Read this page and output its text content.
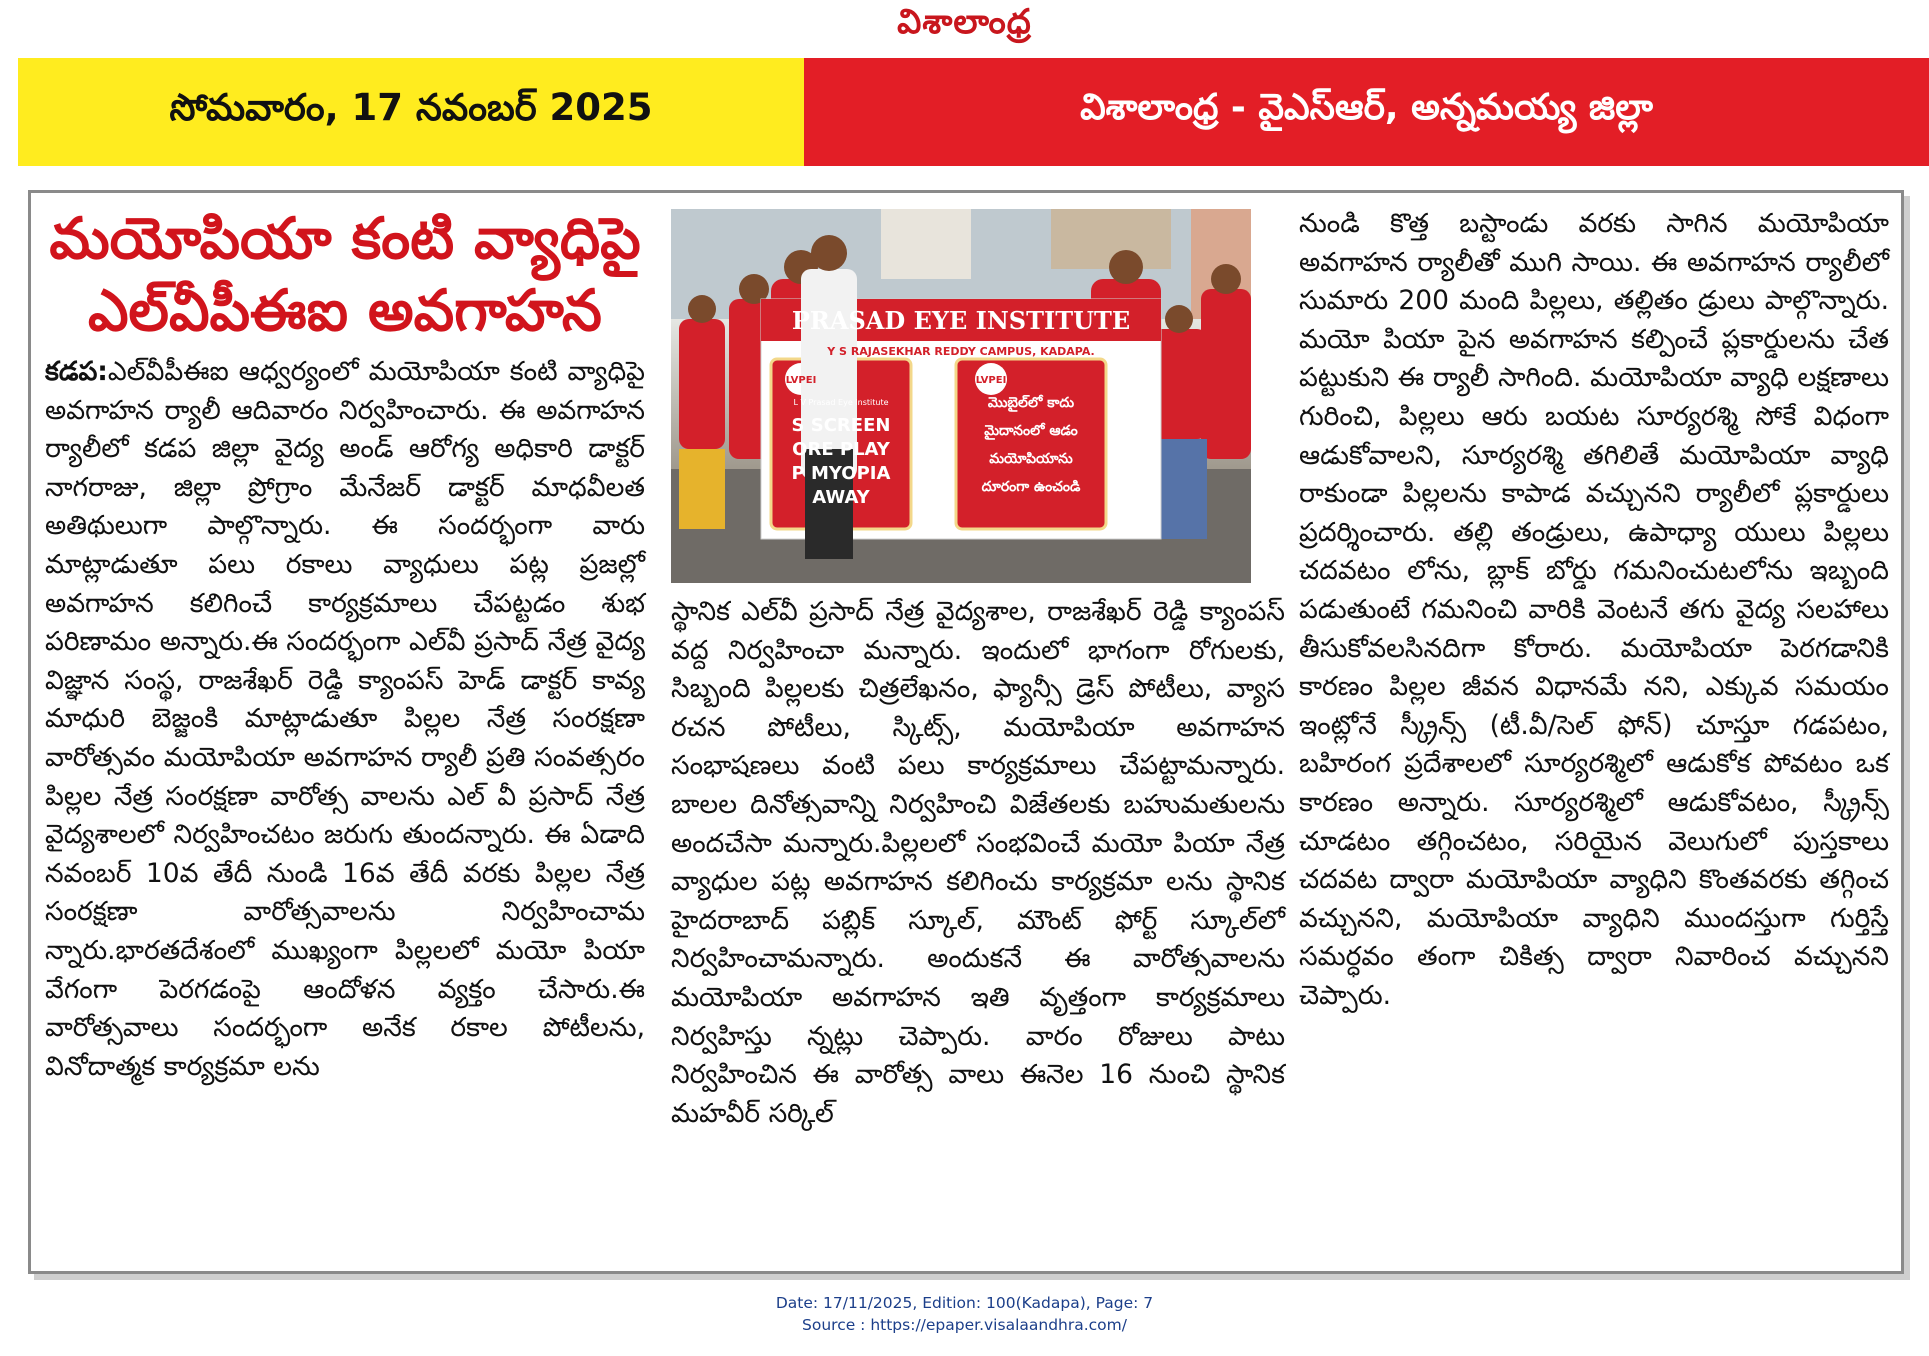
విశాలాంధ్ర
సోమవారం, 17 నవంబర్ 2025	విశాలాంధ్ర - వైఎస్ఆర్, అన్నమయ్య జిల్లా
మయోపియా కంటి వ్యాధిపై
ఎల్‌వీపీఈఐ అవగాహన

కడప:ఎల్‌వీపీఈఐ ఆధ్వర్యంలో మయోపియా కంటి వ్యాధిపై అవగాహన ర్యాలీ ఆదివారం నిర్వహించారు. ఈ అవగాహన ర్యాలీలో కడప జిల్లా వైద్య అండ్ ఆరోగ్య అధికారి డాక్టర్ నాగరాజు, జిల్లా ప్రోగ్రాం మేనేజర్ డాక్టర్ మాధవీలత అతిథులుగా పాల్గొన్నారు. ఈ సందర్భంగా వారు మాట్లాడుతూ పలు రకాలు వ్యాధులు పట్ల ప్రజల్లో అవగాహన కలిగించే కార్యక్రమాలు చేపట్టడం శుభ పరిణామం అన్నారు.ఈ సందర్భంగా ఎల్‌వీ ప్రసాద్ నేత్ర వైద్య విజ్ఞాన సంస్థ, రాజశేఖర్ రెడ్డి క్యాంపస్ హెడ్ డాక్టర్ కావ్య మాధురి బెజ్జంకి మాట్లాడుతూ పిల్లల నేత్ర సంరక్షణా వారోత్సవం మయోపియా అవగాహన ర్యాలీ ప్రతి సంవత్సరం పిల్లల నేత్ర సంరక్షణా వారోత్స వాలను ఎల్ వీ ప్రసాద్ నేత్ర వైద్యశాలలో నిర్వహించటం జరుగు తుందన్నారు. ఈ ఏడాది నవంబర్ 10వ తేదీ నుండి 16వ తేదీ వరకు పిల్లల నేత్ర సంరక్షణా వారోత్సవాలను నిర్వహించామ న్నారు.భారతదేశంలో ముఖ్యంగా పిల్లలలో మయో పియా వేగంగా పెరగడంపై ఆందోళన వ్యక్తం చేసారు.ఈ వారోత్సవాలు సందర్భంగా అనేక రకాల పోటీలను, వినోదాత్మక కార్యక్రమా లను

PRASAD EYE INSTITUTE
Y S RAJASEKHAR REDDY CAMPUS, KADAPA.
LVPEI	LVPEI
L V Prasad Eye Institute
S SCREEN
ORE PLAY
P MYOPIA
AWAY
మొబైల్‌లో కాదు
మైదానంలో ఆడం
మయోపియాను
దూరంగా ఉంచండి

స్థానిక ఎల్‌వీ ప్రసాద్ నేత్ర వైద్యశాల, రాజశేఖర్ రెడ్డి క్యాంపస్ వద్ద నిర్వహించా మన్నారు. ఇందులో భాగంగా రోగులకు, సిబ్బంది పిల్లలకు చిత్రలేఖనం, ఫ్యాన్సీ డ్రెస్ పోటీలు, వ్యాస రచన పోటీలు, స్కిట్స్, మయోపియా అవగాహన సంభాషణలు వంటి పలు కార్యక్రమాలు చేపట్టామన్నారు. బాలల దినోత్సవాన్ని నిర్వహించి విజేతలకు బహుమతులను అందచేసా మన్నారు.పిల్లలలో సంభవించే మయో పియా నేత్ర వ్యాధుల పట్ల అవగాహన కలిగించు కార్యక్రమా లను స్థానిక హైదరాబాద్ పబ్లిక్ స్కూల్, మౌంట్ ఫోర్ట్ స్కూల్‌లో నిర్వహించామన్నారు. అందుకనే ఈ వారోత్సవాలను మయోపియా అవగాహన ఇతి వృత్తంగా కార్యక్రమాలు నిర్వహిస్తు న్నట్లు చెప్పారు. వారం రోజులు పాటు నిర్వహించిన ఈ వారోత్స వాలు ఈనెల 16 నుంచి స్థానిక మహవీర్ సర్కిల్

నుండి కొత్త బస్టాండు వరకు సాగిన మయోపియా అవగాహన ర్యాలీతో ముగి సాయి. ఈ అవగాహన ర్యాలీలో సుమారు 200 మంది పిల్లలు, తల్లితం డ్రులు పాల్గొన్నారు. మయో పియా పైన అవగాహన కల్పించే ప్లకార్డులను చేత పట్టుకుని ఈ ర్యాలీ సాగింది. మయోపియా వ్యాధి లక్షణాలు గురించి, పిల్లలు ఆరు బయట సూర్యరశ్మి సోకే విధంగా ఆడుకోవాలని, సూర్యరశ్మి తగిలితే మయోపియా వ్యాధి రాకుండా పిల్లలను కాపాడ వచ్చునని ర్యాలీలో ప్లకార్డులు ప్రదర్శించారు. తల్లి తండ్రులు, ఉపాధ్యా యులు పిల్లలు చదవటం లోను, బ్లాక్ బోర్డు గమనించుటలోను ఇబ్బంది పడుతుంటే గమనించి వారికి వెంటనే తగు వైద్య సలహాలు తీసుకోవలసినదిగా కోరారు. మయోపియా పెరగడానికి కారణం పిల్లల జీవన విధానమే నని, ఎక్కువ సమయం ఇంట్లోనే స్క్రీన్స్ (టీ.వీ/సెల్ ఫోన్) చూస్తూ గడపటం, బహిరంగ ప్రదేశాలలో సూర్యరశ్మిలో ఆడుకోక పోవటం ఒక కారణం అన్నారు. సూర్యరశ్మిలో ఆడుకోవటం, స్క్రీన్స్ చూడటం తగ్గించటం, సరియైన వెలుగులో పుస్తకాలు చదవట ద్వారా మయోపియా వ్యాధిని కొంతవరకు తగ్గించ వచ్చునని, మయోపియా వ్యాధిని ముందస్తుగా గుర్తిస్తే సమర్ధవం తంగా చికిత్స ద్వారా నివారించ వచ్చునని చెప్పారు.

Date: 17/11/2025, Edition: 100(Kadapa), Page: 7
Source : https://epaper.visalaandhra.com/
